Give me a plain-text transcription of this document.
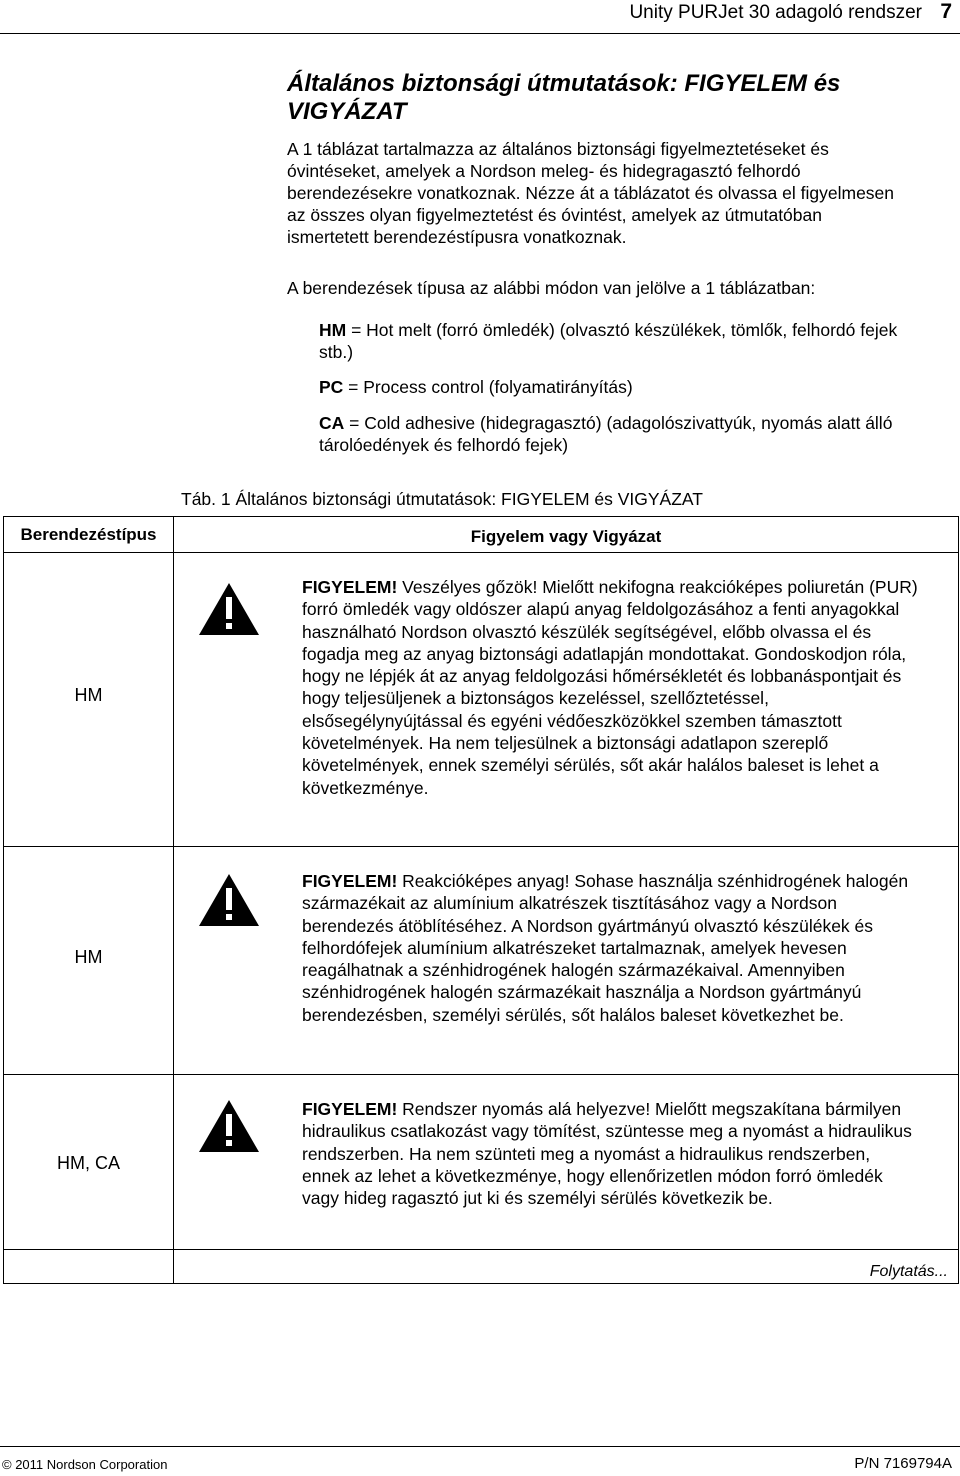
Unity PURJet 30 adagoló rendszer 7
Általános biztonsági útmutatások: FIGYELEM és VIGYÁZAT

A 1 táblázat tartalmazza az általános biztonsági figyelmeztetéseket és óvintéseket, amelyek a Nordson meleg- és hidegragasztó felhordó berendezésekre vonatkoznak. Nézze át a táblázatot és olvassa el figyelmesen az összes olyan figyelmeztetést és óvintést, amelyek az útmutatóban ismertetett berendezéstípusra vonatkoznak.

A berendezések típusa az alábbi módon van jelölve a 1 táblázatban:

HM = Hot melt (forró ömledék) (olvasztó készülékek, tömlők, felhordó fejek stb.)

PC = Process control (folyamatirányítás)

CA = Cold adhesive (hidegragasztó) (adagolószivattyúk, nyomás alatt álló tárolóedények és felhordó fejek)

Táb. 1 Általános biztonsági útmutatások: FIGYELEM és VIGYÁZAT

Berendezéstípus	Figyelem vagy Vigyázat
HM

FIGYELEM! Veszélyes gőzök! Mielőtt nekifogna reakcióképes poliuretán (PUR) forró ömledék vagy oldószer alapú anyag feldolgozásához a fenti anyagokkal használható Nordson olvasztó készülék segítségével, előbb olvassa el és fogadja meg az anyag biztonsági adatlapján mondottakat. Gondoskodjon róla, hogy ne lépjék át az anyag feldolgozási hőmérsékletét és lobbanáspontjait és hogy teljesüljenek a biztonságos kezeléssel, szellőztetéssel, elsősegélynyújtással és egyéni védőeszközökkel szemben támasztott követelmények. Ha nem teljesülnek a biztonsági adatlapon szereplő követelmények, ennek személyi sérülés, sőt akár halálos baleset is lehet a következménye.

HM

FIGYELEM! Reakcióképes anyag! Sohase használja szénhidrogének halogén származékait az alumínium alkatrészek tisztításához vagy a Nordson berendezés átöblítéséhez. A Nordson gyártmányú olvasztó készülékek és felhordófejek alumínium alkatrészeket tartalmaznak, amelyek hevesen reagálhatnak a szénhidrogének halogén származékaival. Amennyiben szénhidrogének halogén származékait használja a Nordson gyártmányú berendezésben, személyi sérülés, sőt halálos baleset következhet be.

HM, CA

FIGYELEM! Rendszer nyomás alá helyezve! Mielőtt megszakítana bármilyen hidraulikus csatlakozást vagy tömítést, szüntesse meg a nyomást a hidraulikus rendszerben. Ha nem szünteti meg a nyomást a hidraulikus rendszerben, ennek az lehet a következménye, hogy ellenőrizetlen módon forró ömledék vagy hideg ragasztó jut ki és személyi sérülés következik be.

Folytatás...
© 2011 Nordson Corporation	P/N 7169794A
